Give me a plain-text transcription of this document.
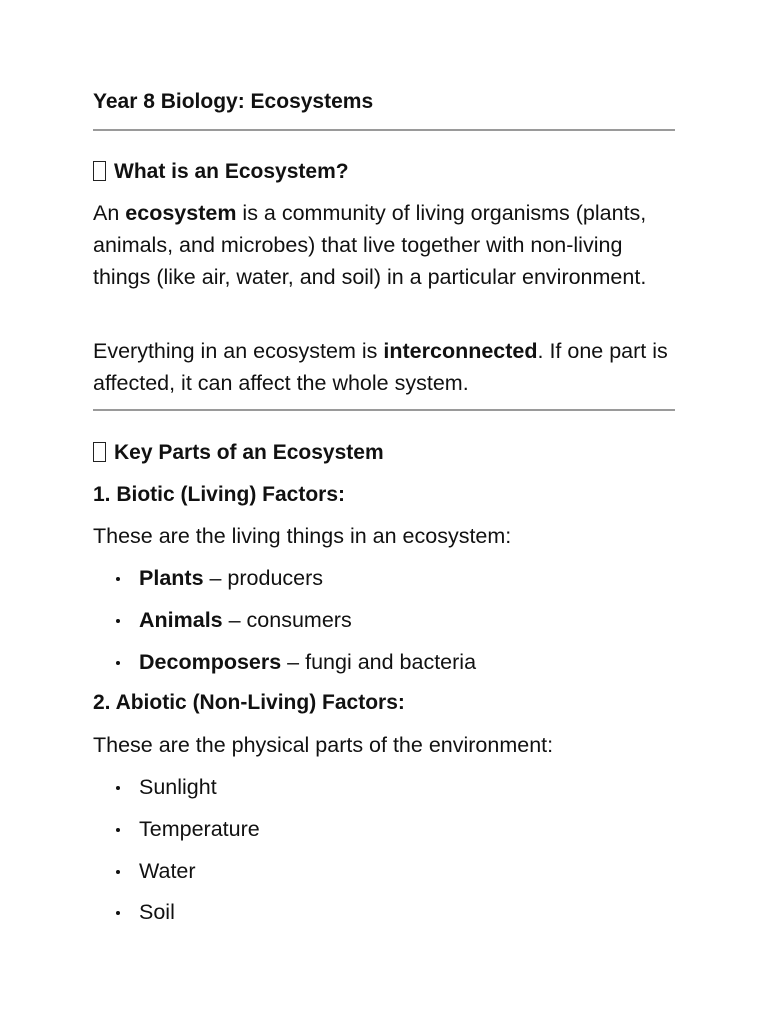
Year 8 Biology: Ecosystems
What is an Ecosystem?

An ecosystem is a community of living organisms (plants, animals, and microbes) that live together with non-living things (like air, water, and soil) in a particular environment.

Everything in an ecosystem is interconnected. If one part is affected, it can affect the whole system.

Key Parts of an Ecosystem
1. Biotic (Living) Factors:

These are the living things in an ecosystem:

Plants – producers
Animals – consumers
Decomposers – fungi and bacteria
2. Abiotic (Non-Living) Factors:

These are the physical parts of the environment:

Sunlight
Temperature
Water
Soil
